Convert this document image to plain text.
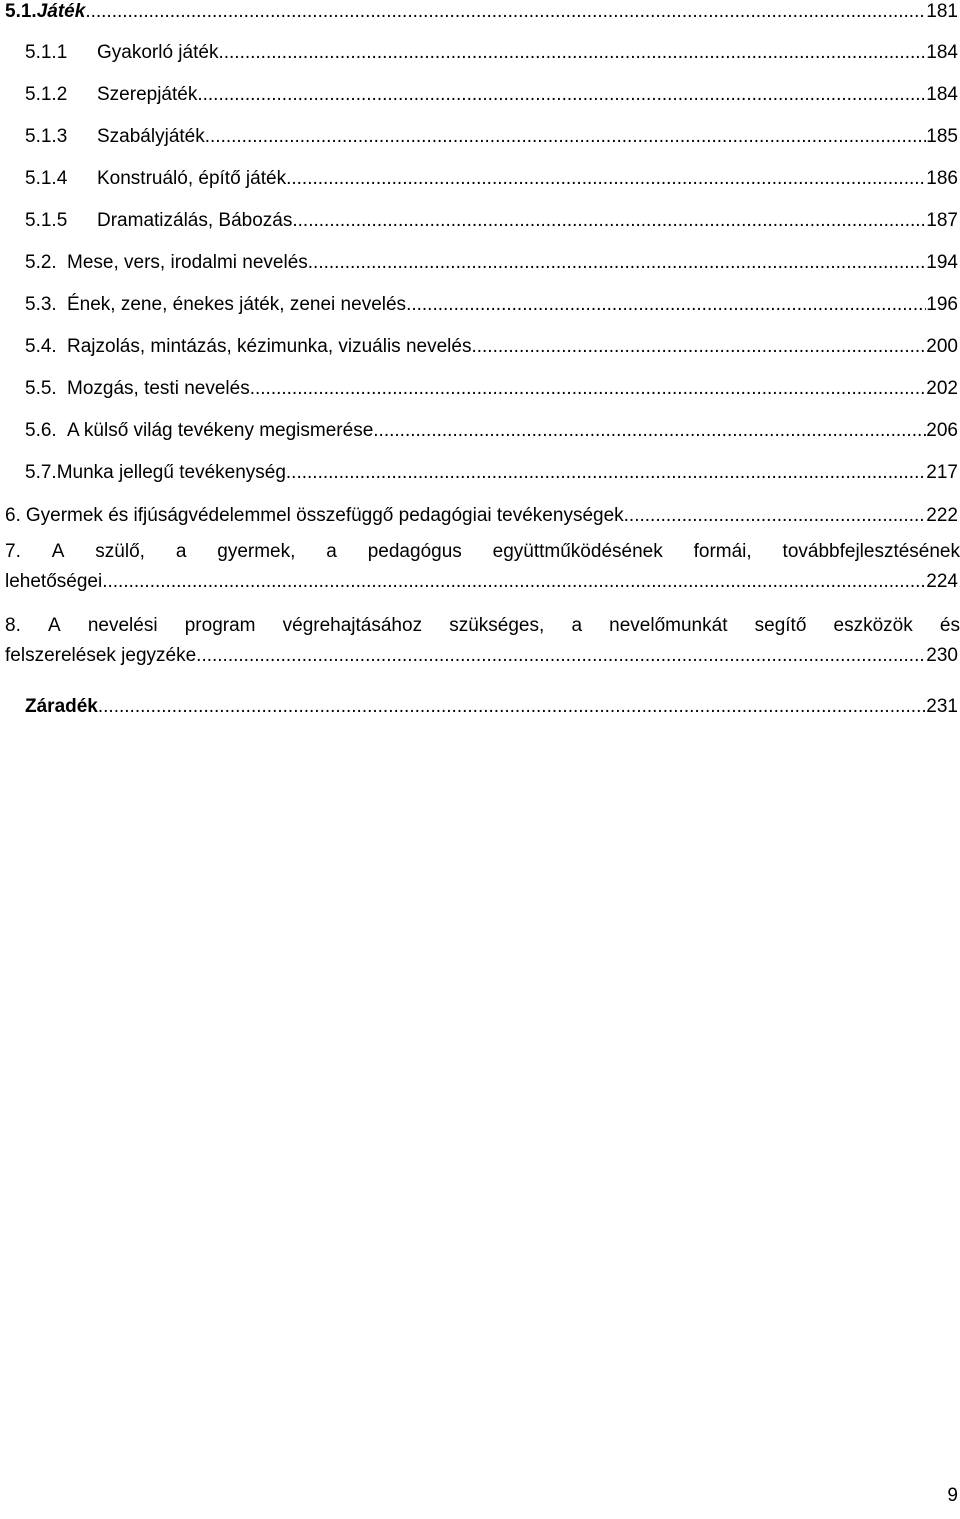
5.1. Játék .....	181
5.1.1	Gyakorló játék .....	184
5.1.2	Szerepjáték .....	184
5.1.3	Szabályjáték .....	185
5.1.4	Konstruáló, építő játék .....	186
5.1.5	Dramatizálás, Bábozás .....	187
5.2. Mese, vers, irodalmi nevelés .....	194
5.3. Ének, zene, énekes játék, zenei nevelés .....	196
5.4. Rajzolás, mintázás, kézimunka, vizuális nevelés .....	200
5.5. Mozgás, testi nevelés .....	202
5.6. A külső világ tevékeny megismerése .....	206
5.7. Munka jellegű tevékenység .....	217
6. Gyermek és ifjúságvédelemmel összefüggő pedagógiai tevékenységek .....	222
7. A szülő, a gyermek, a pedagógus együttműködésének formái, továbbfejlesztésének
lehetőségei .....	224
8. A nevelési program végrehajtásához szükséges, a nevelőmunkát segítő eszközök és
felszerelések jegyzéke. .....	230
Záradék .....	231
9
